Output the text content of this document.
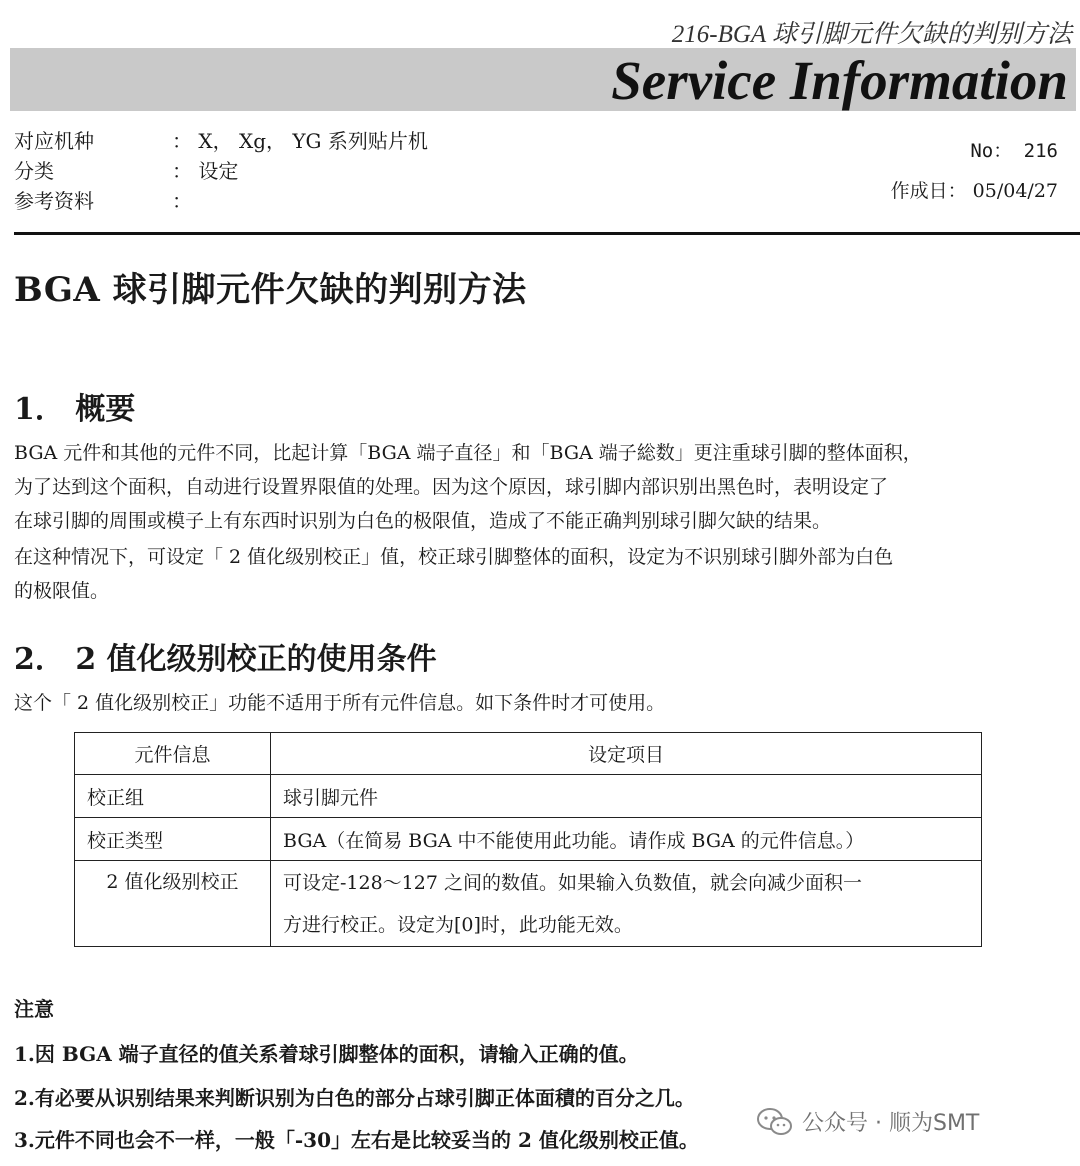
216-BGA 球引脚元件欠缺的判别方法
Service Information
对应机种	： X， Xg， YG 系列贴片机
分类	： 设定
参考资料	：
No： 216
作成日： 05/04/27
BGA 球引脚元件欠缺的判别方法
1． 概要
BGA 元件和其他的元件不同，比起计算「BGA 端子直径」和「BGA 端子総数」更注重球引脚的整体面积，
为了达到这个面积，自动进行设置界限值的处理。因为这个原因，球引脚内部识别出黑色时，表明设定了
在球引脚的周围或模子上有东西时识别为白色的极限值，造成了不能正确判别球引脚欠缺的结果。
在这种情况下，可设定「 2 值化级别校正」值，校正球引脚整体的面积，设定为不识别球引脚外部为白色
的极限值。
2． 2 值化级别校正的使用条件
这个「 2 值化级别校正」功能不适用于所有元件信息。如下条件时才可使用。
元件信息	设定项目
校正组	球引脚元件
校正类型	BGA（在简易 BGA 中不能使用此功能。请作成 BGA 的元件信息。）
2 值化级别校正	可设定-128～127 之间的数值。如果输入负数值，就会向减少面积一
方进行校正。设定为[0]时，此功能无效。
注意
1.因 BGA 端子直径的值关系着球引脚整体的面积，请输入正确的值。
2.有必要从识别结果来判断识别为白色的部分占球引脚正体面積的百分之几。
3.元件不同也会不一样，一般「-30」左右是比较妥当的 2 值化级别校正值。
公众号 · 顺为SMT
